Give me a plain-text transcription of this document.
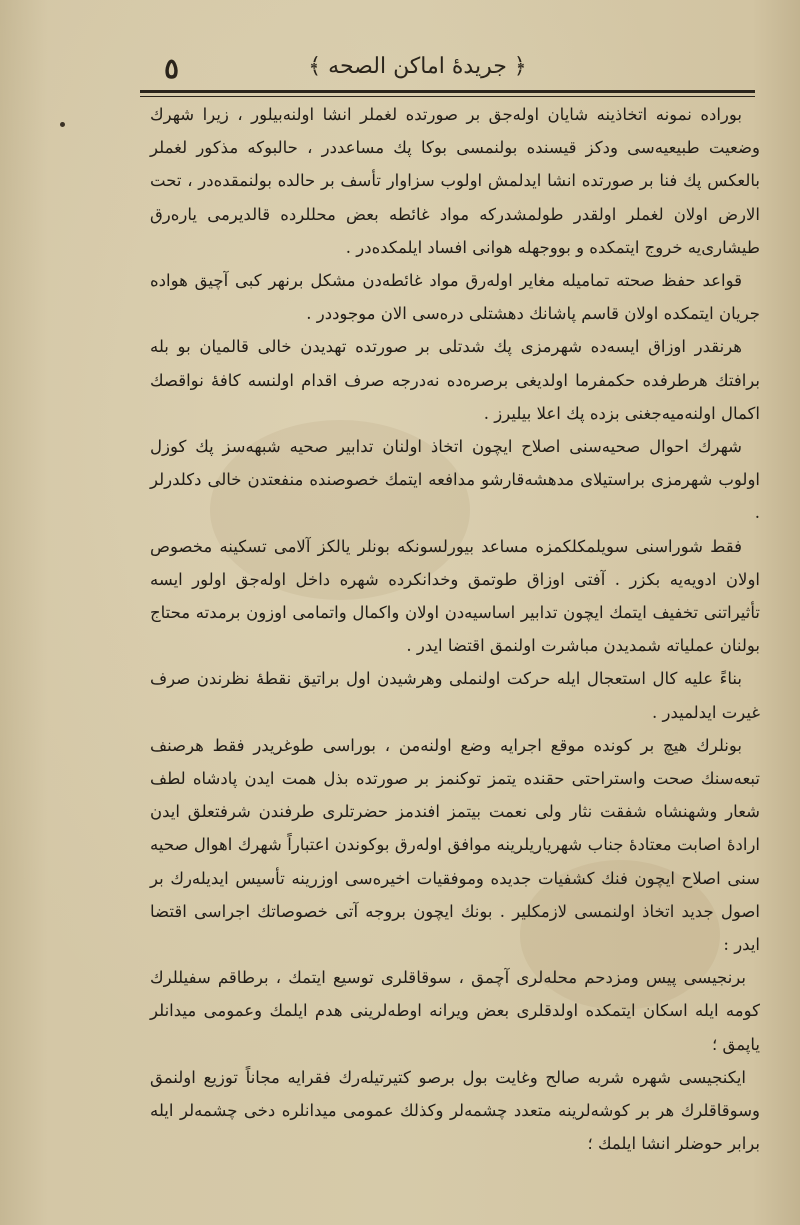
٥	﴿ جريدهٔ اماكن الصحه ﴾

بوراده نمونه اتخاذینه شایان اوله‌جق بر صورتده لغملر انشا اولنه‌بیلور ، زیرا شهرك وضعیت طبیعیه‌سی ودکز قیسنده بولنمسی بوکا پك مساعددر ، حالبوکه مذکور لغملر بالعکس پك فنا بر صورتده انشا ایدلمش اولوب سزاوار تأسف بر حالده بولنمقده‌در ، تحت الارض اولان لغملر اولقدر طولمشدرکه مواد غائطه بعض محللرده قالدیرمی یاره‌رق طیشاری‌یه خروج ایتمکده و بووجهله هوانی افساد ایلمکده‌در .

قواعد حفظ صحته تمامیله مغایر اوله‌رق مواد غائطه‌دن مشکل برنهر کبی آچیق هواده جریان ایتمکده اولان قاسم پاشانك دهشتلی دره‌سی الان موجوددر .

هرنقدر اوزاق ایسه‌ده شهرمزی پك شدتلی بر صورتده تهدیدن خالی قالمیان بو بله برافتك هرطرفده حکمفرما اولدیغی برصره‌ده نه‌درجه صرف اقدام اولنسه کافهٔ نواقصك اکمال اولنه‌میه‌جغنی بزده پك اعلا بیلیرز .

شهرك احوال صحیه‌سنی اصلاح ایچون اتخاذ اولنان تدابیر صحیه شبهه‌سز پك کوزل اولوب شهرمزی براستیلای مدهشه‌قارشو مدافعه ایتمك خصوصنده منفعتدن خالی دکلدرلر .

فقط شوراسنی سویلمکلکمزه مساعد بیورلسونکه بونلر یالکز آلامی تسکینه مخصوص اولان ادویه‌یه بکزر . آفتی اوزاق طوتمق وخدانکرده شهره داخل اوله‌جق اولور ایسه تأثیراتنی تخفیف ایتمك ایچون تدابیر اساسیه‌دن اولان واکمال واتمامی اوزون برمدته محتاج بولنان عملیاته شمدیدن مباشرت اولنمق اقتضا ایدر .

بناءً علیه کال استعجال ایله حرکت اولنملی وهرشیدن اول براتیق نقطهٔ نظرندن صرف غیرت ایدلمیدر .

بونلرك هیچ بر کونده موقع اجرایه وضع اولنه‌من ، بوراسی طوغریدر فقط هرصنف تبعه‌سنك صحت واستراحتی حقنده یتمز توکنمز بر صورتده بذل همت ایدن پادشاه لطف شعار وشهنشاه شفقت نثار ولی نعمت بیتمز افندمز حضرتلری طرفندن شرفتعلق ایدن ارادهٔ اصابت معتادهٔ جناب شهریاریلرینه موافق اوله‌رق بوکوندن اعتباراً شهرك اهوال صحیه‌ سنی اصلاح ایچون فنك کشفیات جدیده وموفقیات اخیره‌سی اوزرینه تأسیس ایدیله‌رك بر اصول جدید اتخاذ اولنمسی لازمکلیر . بونك ایچون بروجه آتی خصوصاتك اجراسی اقتضا ایدر :

برنجیسی پیس ومزدحم محله‌لری آچمق ، سوقاقلری توسیع ایتمك ، برطاقم سفیللرك کومه ایله اسکان ایتمکده اولدقلری بعض ویرانه اوطه‌لرینی هدم ایلمك وعمومی میدانلر یاپمق ؛

ایکنجیسی شهره شربه صالح وغایت بول برصو کتیرتیله‌رك فقرایه مجاناً توزیع اولنمق وسوقاقلرك هر بر کوشه‌لرینه متعدد چشمه‌لر وکذلك عمومی میدانلره دخی چشمه‌لر ایله برابر حوضلر انشا ایلمك ؛
